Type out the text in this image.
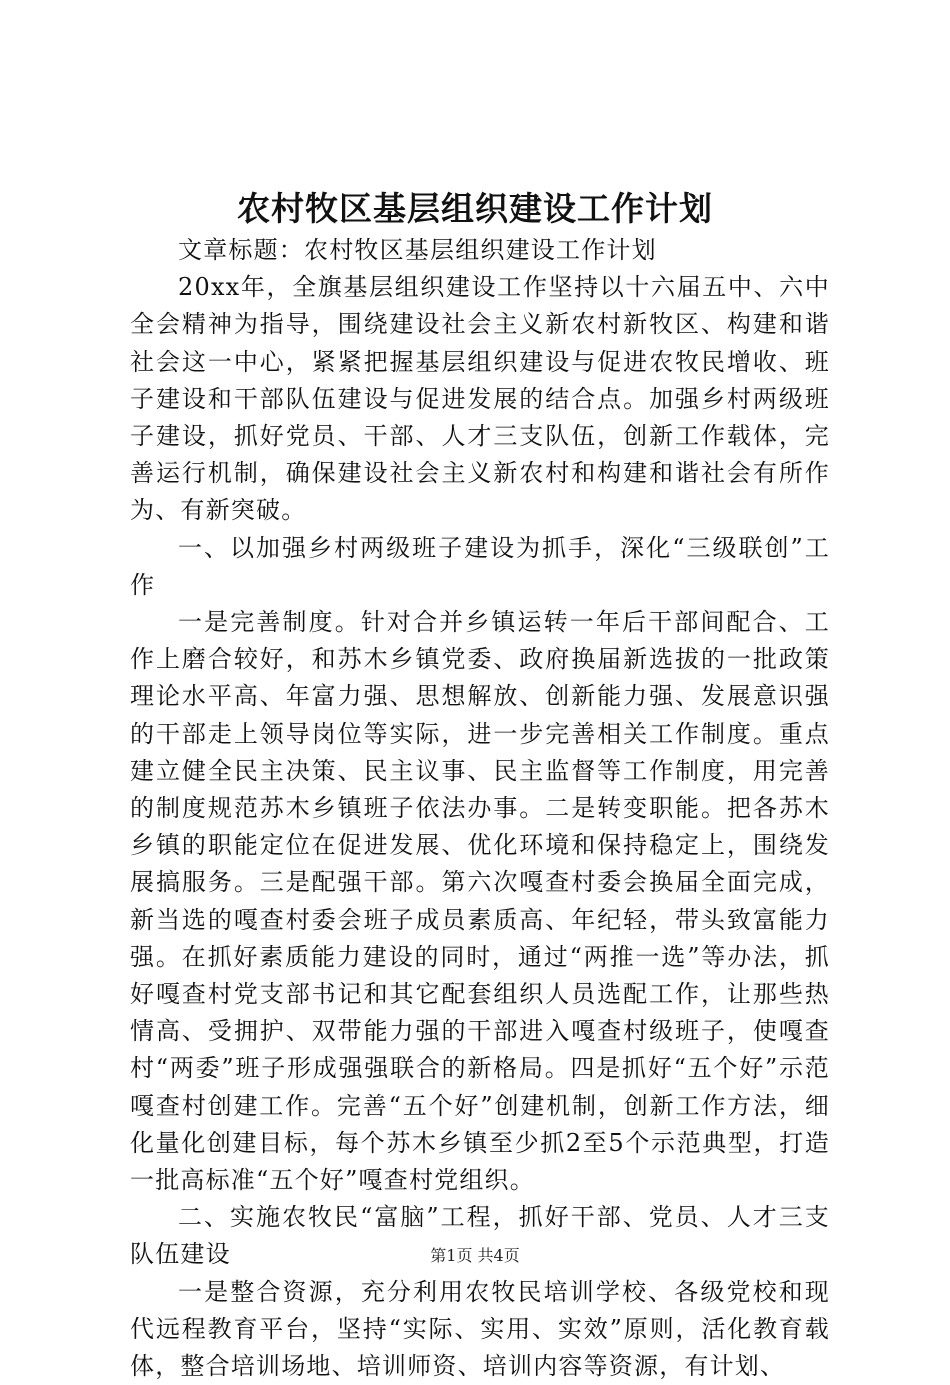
农村牧区基层组织建设工作计划

文章标题：农村牧区基层组织建设工作计划

20xx年，全旗基层组织建设工作坚持以十六届五中、六中全会精神为指导，围绕建设社会主义新农村新牧区、构建和谐社会这一中心，紧紧把握基层组织建设与促进农牧民增收、班子建设和干部队伍建设与促进发展的结合点。加强乡村两级班子建设，抓好党员、干部、人才三支队伍，创新工作载体，完善运行机制，确保建设社会主义新农村和构建和谐社会有所作为、有新突破。

一、以加强乡村两级班子建设为抓手，深化“三级联创”工作

一是完善制度。针对合并乡镇运转一年后干部间配合、工作上磨合较好，和苏木乡镇党委、政府换届新选拔的一批政策理论水平高、年富力强、思想解放、创新能力强、发展意识强的干部走上领导岗位等实际，进一步完善相关工作制度。重点建立健全民主决策、民主议事、民主监督等工作制度，用完善的制度规范苏木乡镇班子依法办事。二是转变职能。把各苏木乡镇的职能定位在促进发展、优化环境和保持稳定上，围绕发展搞服务。三是配强干部。第六次嘎查村委会换届全面完成，新当选的嘎查村委会班子成员素质高、年纪轻，带头致富能力强。在抓好素质能力建设的同时，通过“两推一选”等办法，抓好嘎查村党支部书记和其它配套组织人员选配工作，让那些热情高、受拥护、双带能力强的干部进入嘎查村级班子，使嘎查村“两委”班子形成强强联合的新格局。四是抓好“五个好”示范嘎查村创建工作。完善“五个好”创建机制，创新工作方法，细化量化创建目标，每个苏木乡镇至少抓2至5个示范典型，打造一批高标准“五个好”嘎查村党组织。

二、实施农牧民“富脑”工程，抓好干部、党员、人才三支队伍建设

一是整合资源，充分利用农牧民培训学校、各级党校和现代远程教育平台，坚持“实际、实用、实效”原则，活化教育载体，整合培训场地、培训师资、培训内容等资源，有计划、

第1页 共4页
